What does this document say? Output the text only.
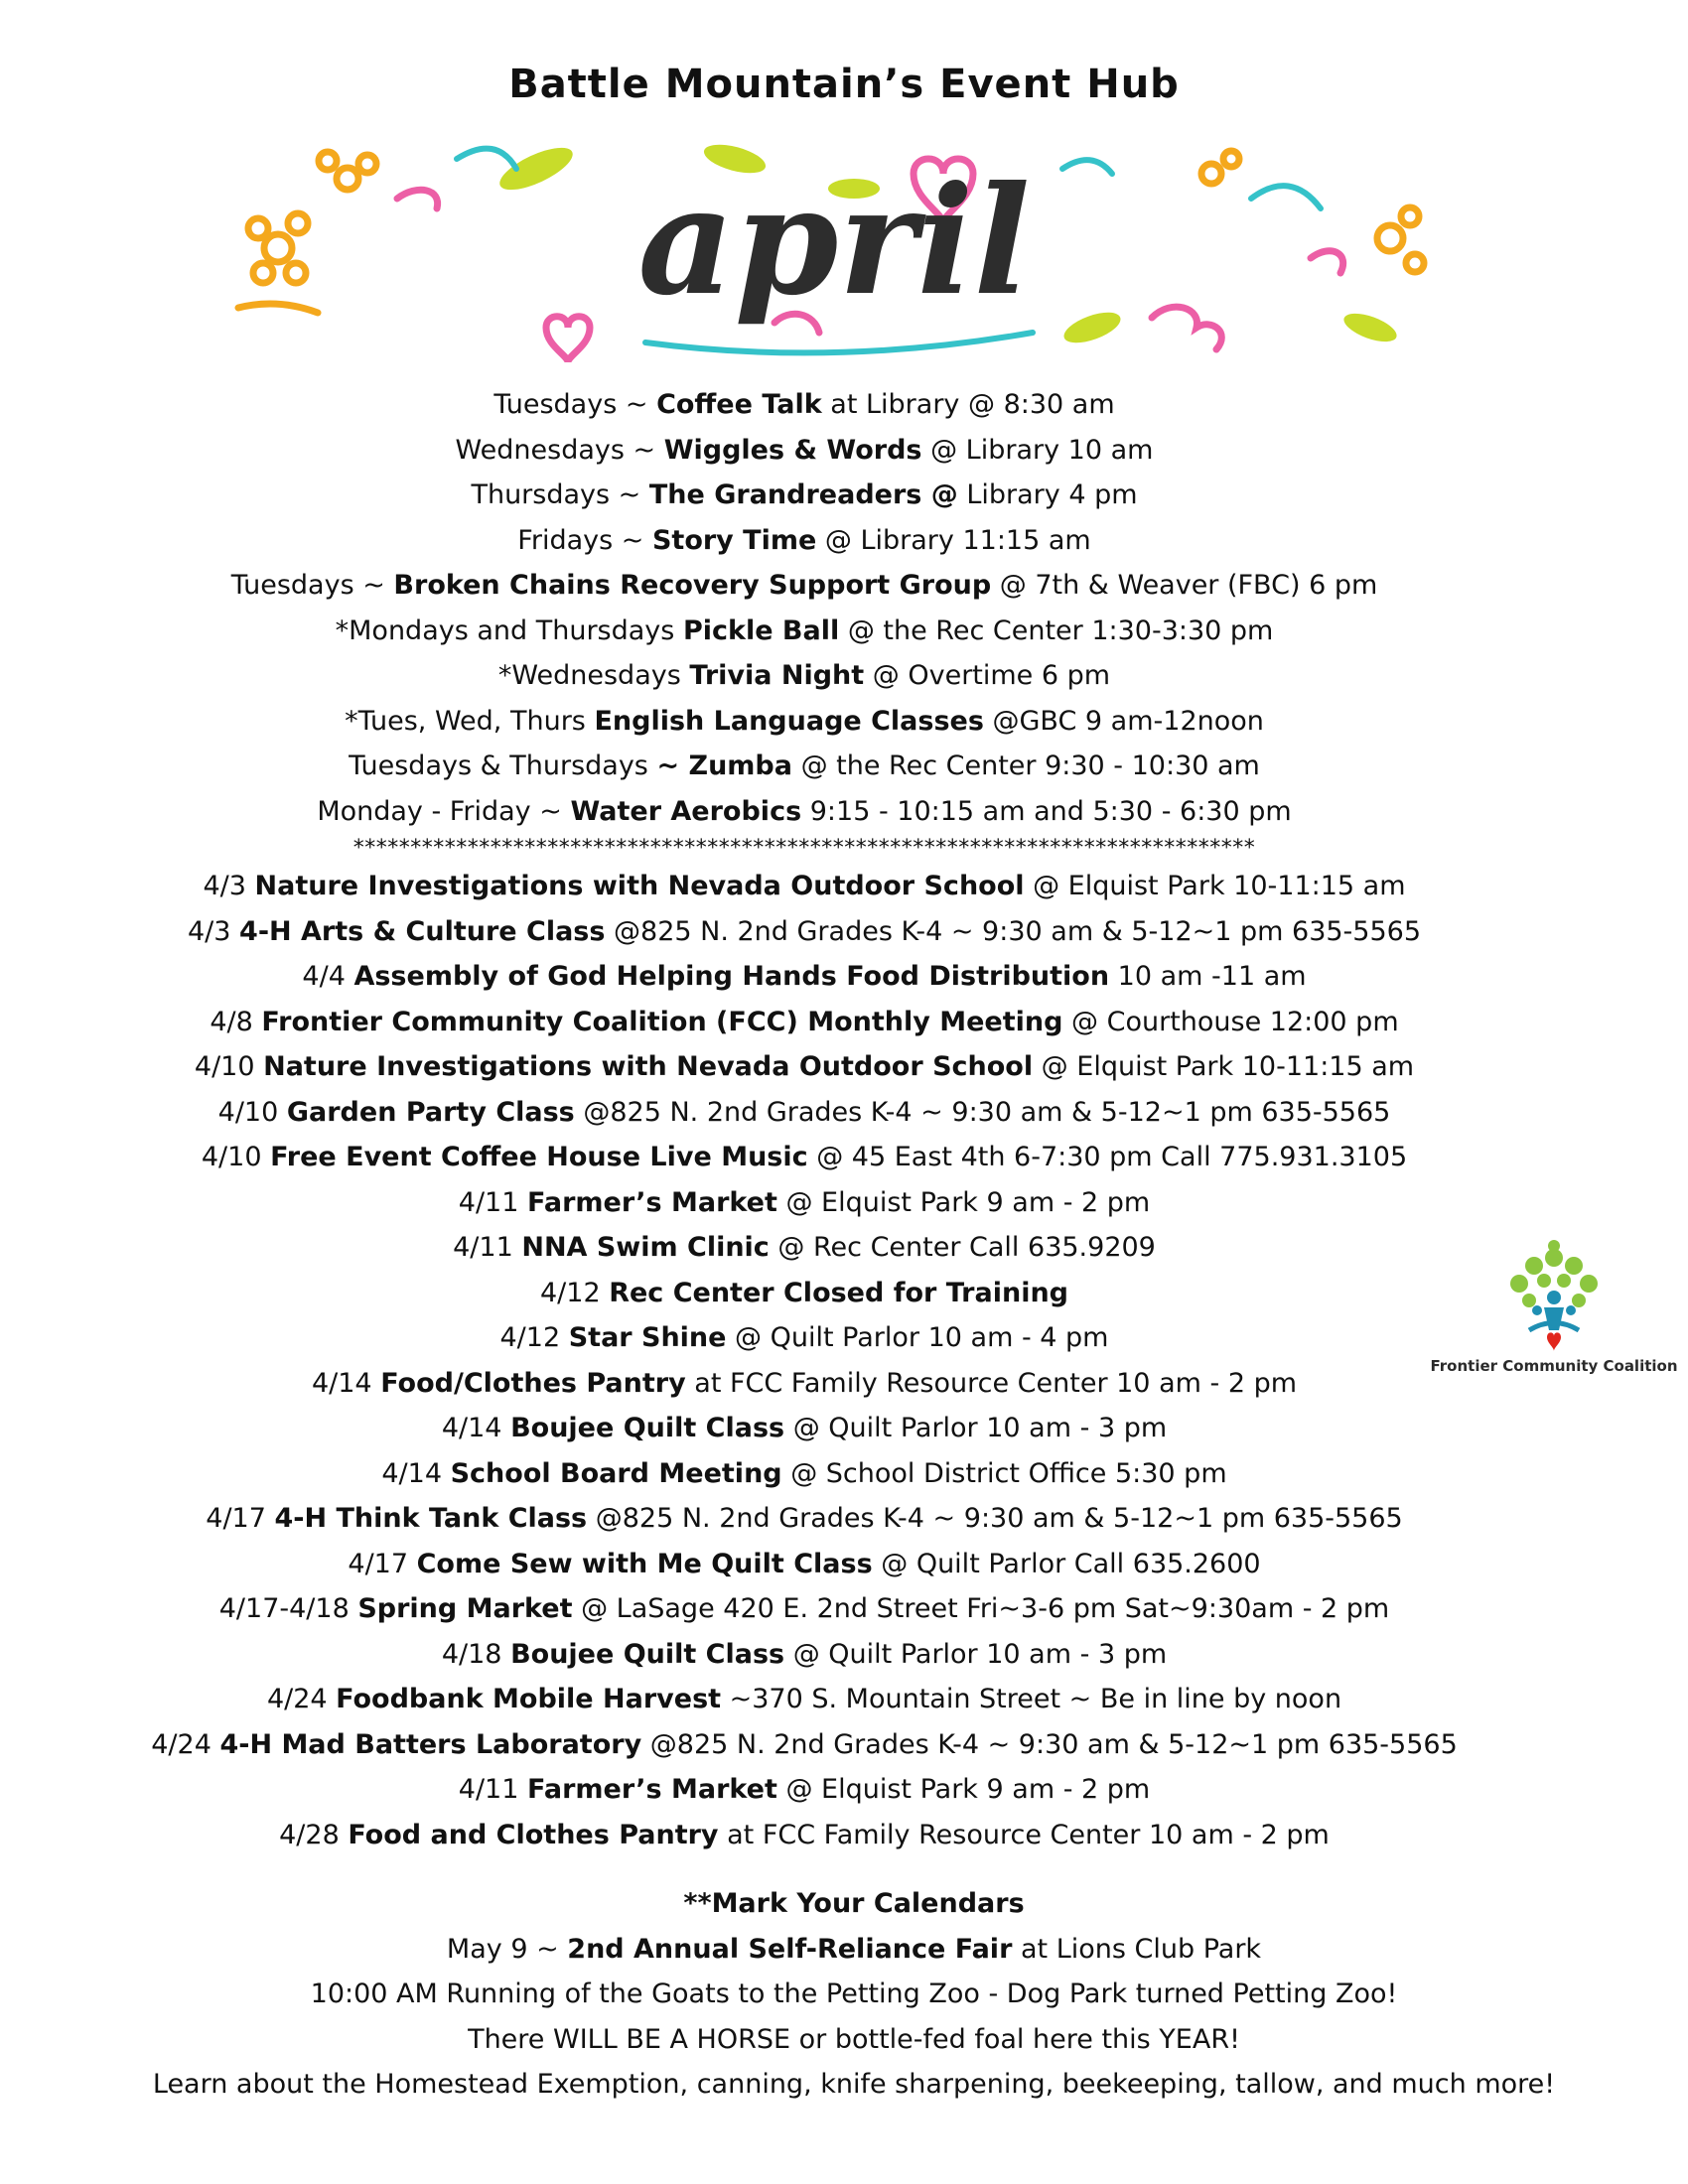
Battle Mountain’s Event Hub
april
Tuesdays ~ Coffee Talk at Library @ 8:30 am
Wednesdays ~ Wiggles & Words @ Library 10 am
Thursdays ~ The Grandreaders @ Library 4 pm
Fridays ~ Story Time @ Library 11:15 am
Tuesdays ~ Broken Chains Recovery Support Group @ 7th & Weaver (FBC) 6 pm
*Mondays and Thursdays Pickle Ball @ the Rec Center 1:30-3:30 pm
*Wednesdays Trivia Night @ Overtime 6 pm
*Tues, Wed, Thurs English Language Classes @GBC 9 am-12noon
Tuesdays & Thursdays ~ Zumba @ the Rec Center 9:30 - 10:30 am
Monday - Friday ~ Water Aerobics 9:15 - 10:15 am and 5:30 - 6:30 pm
*******************************************************************************
4/3 Nature Investigations with Nevada Outdoor School @ Elquist Park 10-11:15 am
4/3 4-H Arts & Culture Class @825 N. 2nd Grades K-4 ~ 9:30 am & 5-12~1 pm 635-5565
4/4 Assembly of God Helping Hands Food Distribution 10 am -11 am
4/8 Frontier Community Coalition (FCC) Monthly Meeting @ Courthouse 12:00 pm
4/10 Nature Investigations with Nevada Outdoor School @ Elquist Park 10-11:15 am
4/10 Garden Party Class @825 N. 2nd Grades K-4 ~ 9:30 am & 5-12~1 pm 635-5565
4/10 Free Event Coffee House Live Music @ 45 East 4th 6-7:30 pm Call 775.931.3105
4/11 Farmer’s Market @ Elquist Park 9 am - 2 pm
4/11 NNA Swim Clinic @ Rec Center Call 635.9209
4/12 Rec Center Closed for Training
4/12 Star Shine @ Quilt Parlor 10 am - 4 pm
4/14 Food/Clothes Pantry at FCC Family Resource Center 10 am - 2 pm
4/14 Boujee Quilt Class @ Quilt Parlor 10 am - 3 pm
4/14 School Board Meeting @ School District Office 5:30 pm
4/17 4-H Think Tank Class @825 N. 2nd Grades K-4 ~ 9:30 am & 5-12~1 pm 635-5565
4/17 Come Sew with Me Quilt Class @ Quilt Parlor Call 635.2600
4/17-4/18 Spring Market @ LaSage 420 E. 2nd Street Fri~3-6 pm Sat~9:30am - 2 pm
4/18 Boujee Quilt Class @ Quilt Parlor 10 am - 3 pm
4/24 Foodbank Mobile Harvest ~370 S. Mountain Street ~ Be in line by noon
4/24 4-H Mad Batters Laboratory @825 N. 2nd Grades K-4 ~ 9:30 am & 5-12~1 pm 635-5565
4/11 Farmer’s Market @ Elquist Park 9 am - 2 pm
4/28 Food and Clothes Pantry at FCC Family Resource Center 10 am - 2 pm
**Mark Your Calendars
May 9 ~ 2nd Annual Self-Reliance Fair at Lions Club Park
10:00 AM Running of the Goats to the Petting Zoo - Dog Park turned Petting Zoo!
There WILL BE A HORSE or bottle-fed foal here this YEAR!
Learn about the Homestead Exemption, canning, knife sharpening, beekeeping, tallow, and much more!
Frontier Community Coalition
